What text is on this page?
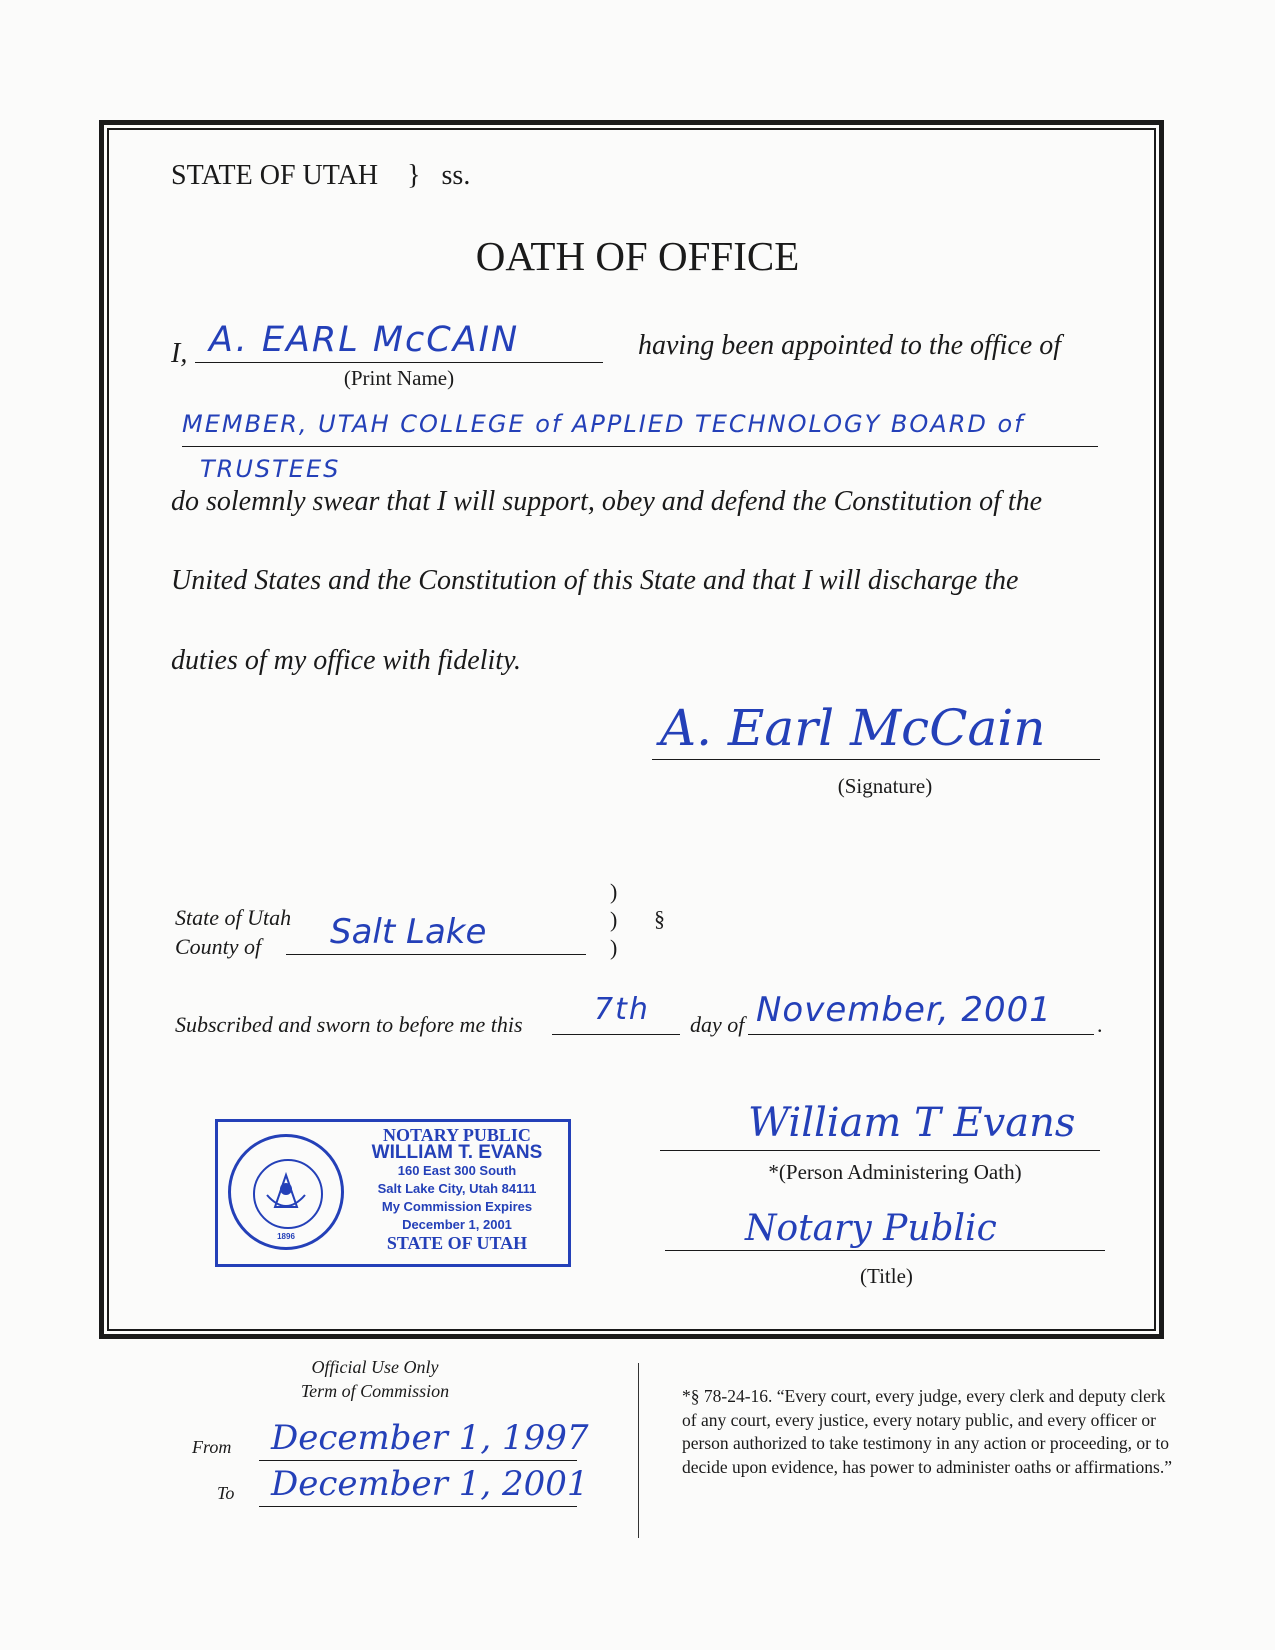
STATE OF UTAH } ss.
OATH OF OFFICE
I, A. EARL McCAIN
(Print Name)
having been appointed to the office of
MEMBER, UTAH COLLEGE of APPLIED TECHNOLOGY BOARD of
TRUSTEES
do solemnly swear that I will support, obey and defend the Constitution of the
United States and the Constitution of this State and that I will discharge the
duties of my office with fidelity.
A. Earl McCain
(Signature)
State of Utah
County of Salt Lake
)
)
)
§
Subscribed and sworn to before me this 7th day of November, 2001 .
1896
NOTARY PUBLIC
WILLIAM T. EVANS
160 East 300 South
Salt Lake City, Utah 84111
My Commission Expires
December 1, 2001
STATE OF UTAH
William T Evans
*(Person Administering Oath)
Notary Public
(Title)
Official Use Only
Term of Commission
From December 1, 1997
To December 1, 2001
*§ 78-24-16. “Every court, every judge, every clerk and deputy clerk of any court, every justice, every notary public, and every officer or person authorized to take testimony in any action or proceeding, or to decide upon evidence, has power to administer oaths or affirmations.”
